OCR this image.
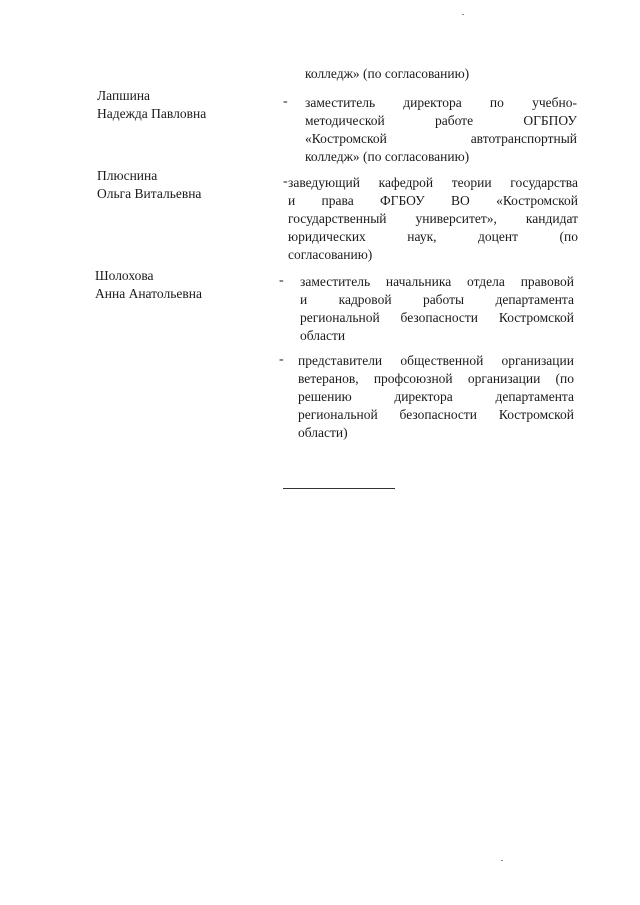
колледж» (по согласованию)
Лапшина
Надежда Павловна
- заместитель директора по учебно-
методической	работе	ОГБПОУ
«Костромской	автотранспортный
колледж» (по согласованию)
Плюснина
Ольга Витальевна
- заведующий кафедрой теории государства
и права ФГБОУ ВО «Костромской
государственный университет», кандидат
юридических	наук,	доцент	(по
согласованию)
Шолохова
Анна Анатольевна
- заместитель начальника отдела правовой
и кадровой работы департамента
региональной безопасности Костромской
области
- представители общественной организации
ветеранов, профсоюзной организации (по
решению	директора	департамента
региональной безопасности Костромской
области)
